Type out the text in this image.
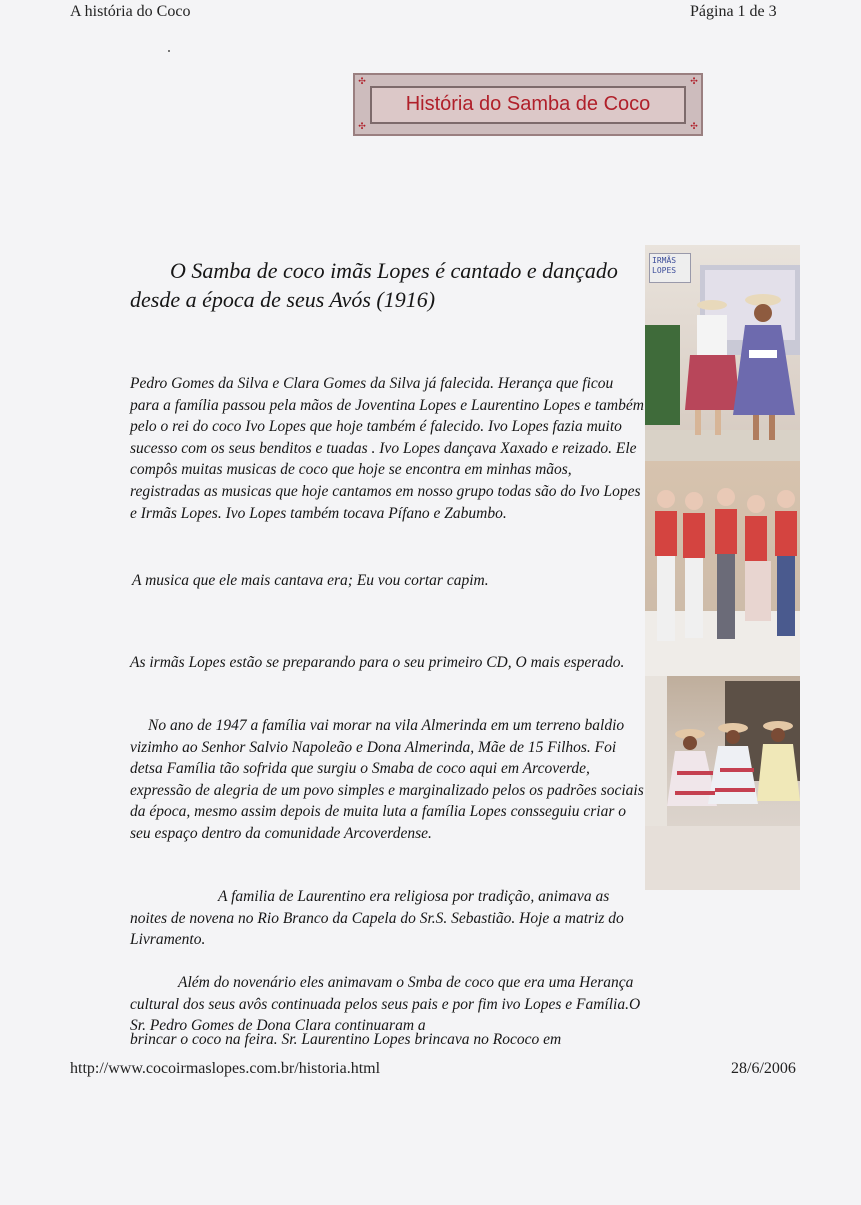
A história do Coco	Página 1 de 3
✣	✣
✣	✣
História do Samba de Coco
O Samba de coco imãs Lopes é cantado e dançado desde a época de seus Avós (1916)

Pedro Gomes da Silva e Clara Gomes da Silva já falecida. Herança que ficou para a família passou pela mãos de Joventina Lopes e Laurentino Lopes e também pelo o rei do coco Ivo Lopes que hoje também é falecido. Ivo Lopes fazia muito sucesso com os seus benditos e tuadas . Ivo Lopes dançava Xaxado e reizado. Ele compôs muitas musicas de coco que hoje se encontra em minhas mãos, registradas as musicas que hoje cantamos em nosso grupo todas são do Ivo Lopes e Irmãs Lopes. Ivo Lopes também tocava Pífano e Zabumbo.

A musica que ele mais cantava era; Eu vou cortar capim.

As irmãs Lopes estão se preparando para o seu primeiro CD, O mais esperado.

No ano de 1947 a família vai morar na vila Almerinda em um terreno baldio vizimho ao Senhor Salvio Napoleão e Dona Almerinda, Mãe de 15 Filhos. Foi detsa Família tão sofrida que surgiu o Smaba de coco aqui em Arcoverde, expressão de alegria de um povo simples e marginalizado pelos os padrões sociais da época, mesmo assim depois de muita luta a família Lopes consseguiu criar o seu espaço dentro da comunidade Arcoverdense.

A familia de Laurentino era religiosa por tradição, animava as noites de novena no Rio Branco da Capela do Sr.S. Sebastião. Hoje a matriz do Livramento.

Além do novenário eles animavam o Smba de coco que era uma Herança cultural dos seus avôs continuada pelos seus pais e por fim ivo Lopes e Família.O Sr. Pedro Gomes de Dona Clara continuaram a

brincar o coco na feira. Sr. Laurentino Lopes brincava no Rococo em
IRMÃS LOPES
http://www.cocoirmaslopes.com.br/historia.html	28/6/2006
